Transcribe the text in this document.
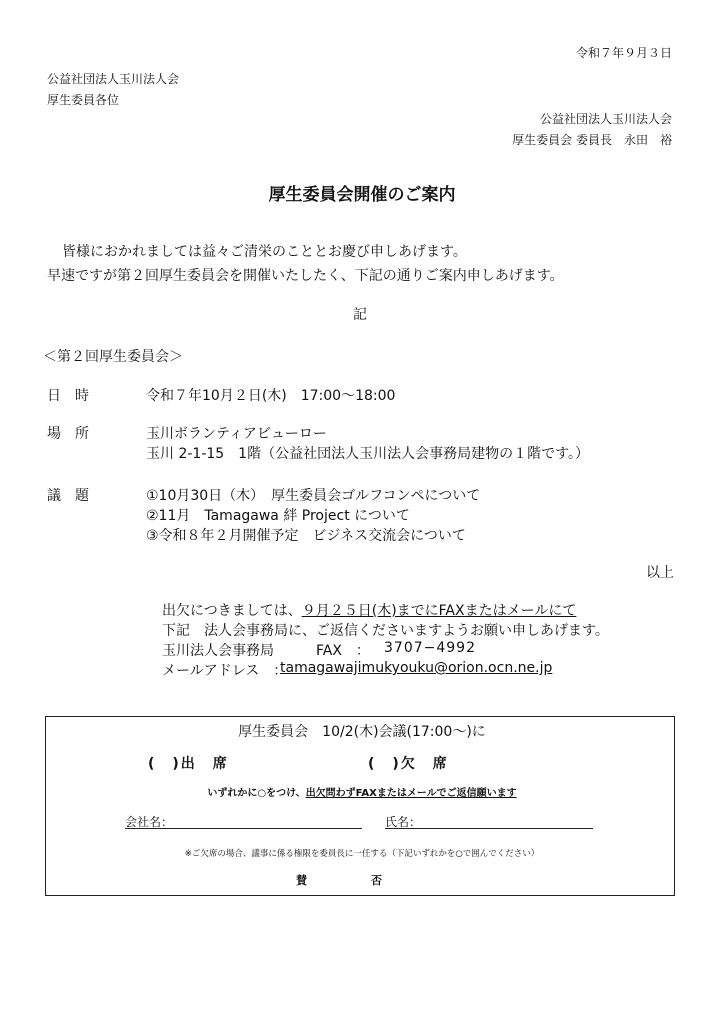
令和７年９月３日
公益社団法人玉川法人会
厚生委員各位
公益社団法人玉川法人会
厚生委員会 委員長　永田　裕
厚生委員会開催のご案内
皆様におかれましては益々ご清栄のこととお慶び申しあげます。
早速ですが第２回厚生委員会を開催いたしたく、下記の通りご案内申しあげます。
記
＜第２回厚生委員会＞
日　時	令和７年10月２日(木)　17:00～18:00
場　所	玉川ボランティアビューロー
玉川 2-1-15　1階（公益社団法人玉川法人会事務局建物の１階です。）
議　題	①10月30日（木）　厚生委員会ゴルフコンペについて
②11月　Tamagawa 絆 Project について
③令和８年２月開催予定　ビジネス交流会について
以上
出欠につきましては、９月２５日(木)までにFAXまたはメールにて
下記　法人会事務局に、ご返信くださいますようお願い申しあげます。
玉川法人会事務局	FAX　： 3707−4992
メールアドレス　：
tamagawajimukyouku@orion.ocn.ne.jp
厚生委員会　10/2(木)会議(17:00～)に
(　)出　席	(　)欠　席
いずれかに○をつけ、出欠問わずFAXまたはメールでご返信願います
会社名：	氏名：
※ご欠席の場合、議事に係る権限を委員長に一任する（下記いずれかを○で囲んでください）
賛	否
